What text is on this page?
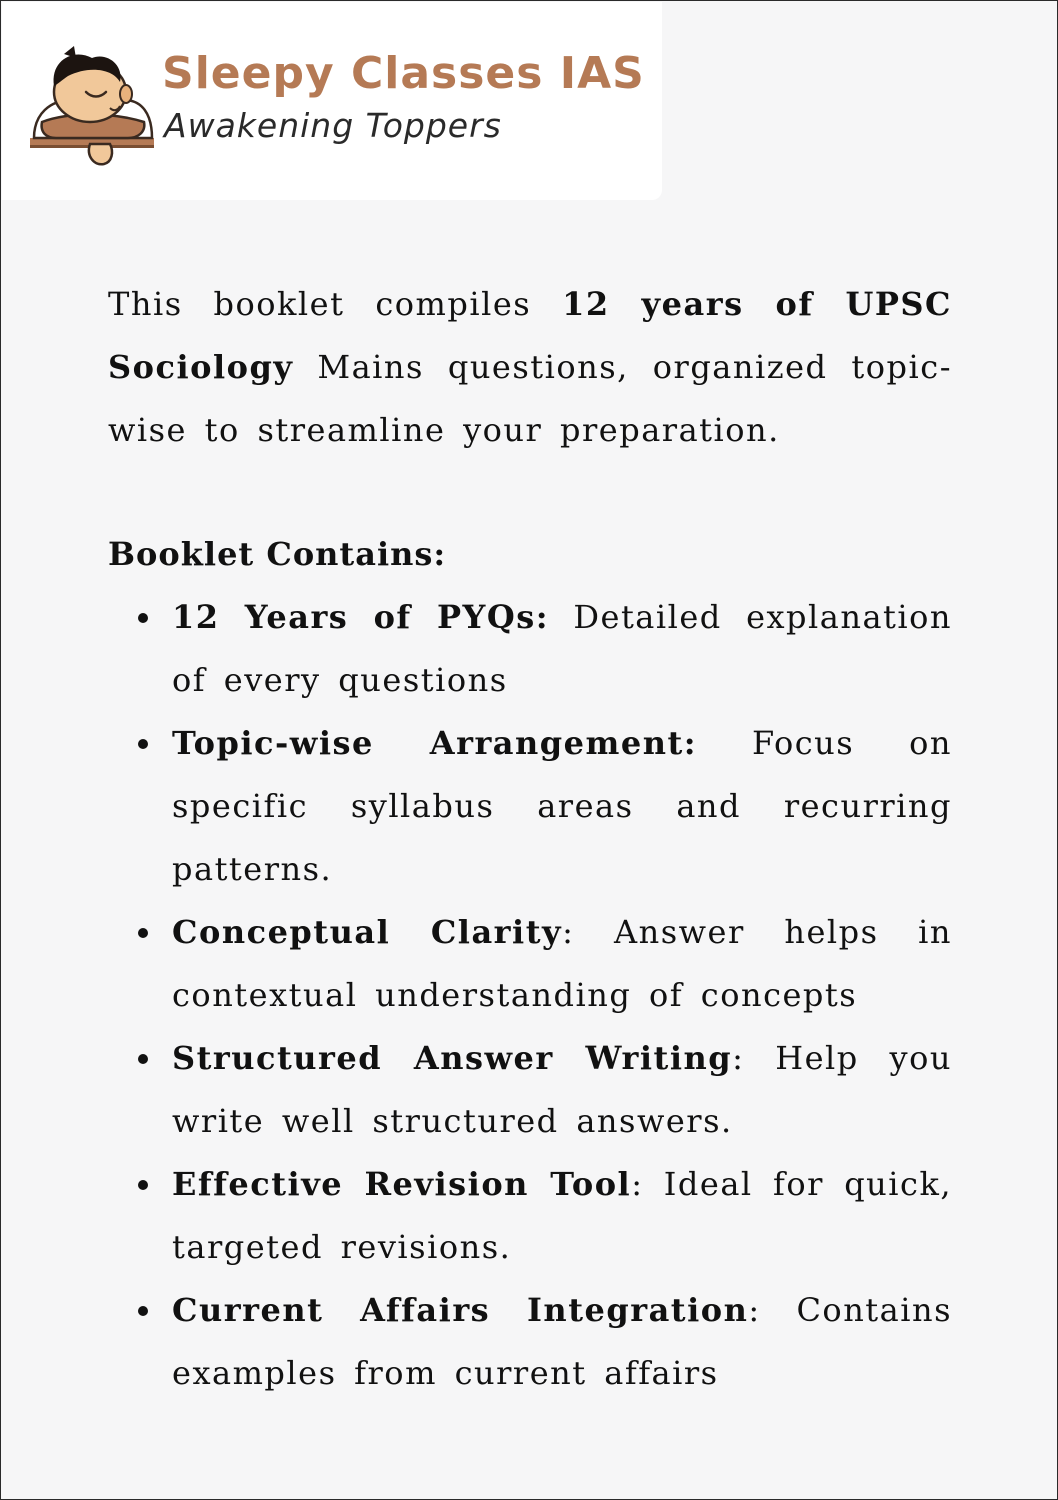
Sleepy Classes IAS
Awakening Toppers

This booklet compiles 12 years of UPSC Sociology Mains questions, organized topic-wise to streamline your preparation.

Booklet Contains:
12 Years of PYQs: Detailed explanation of every questions
Topic-wise Arrangement: Focus on specific syllabus areas and recurring patterns.
Conceptual Clarity: Answer helps in contextual understanding of concepts
Structured Answer Writing: Help you write well structured answers.
Effective Revision Tool: Ideal for quick, targeted revisions.
Current Affairs Integration: Contains examples from current affairs
